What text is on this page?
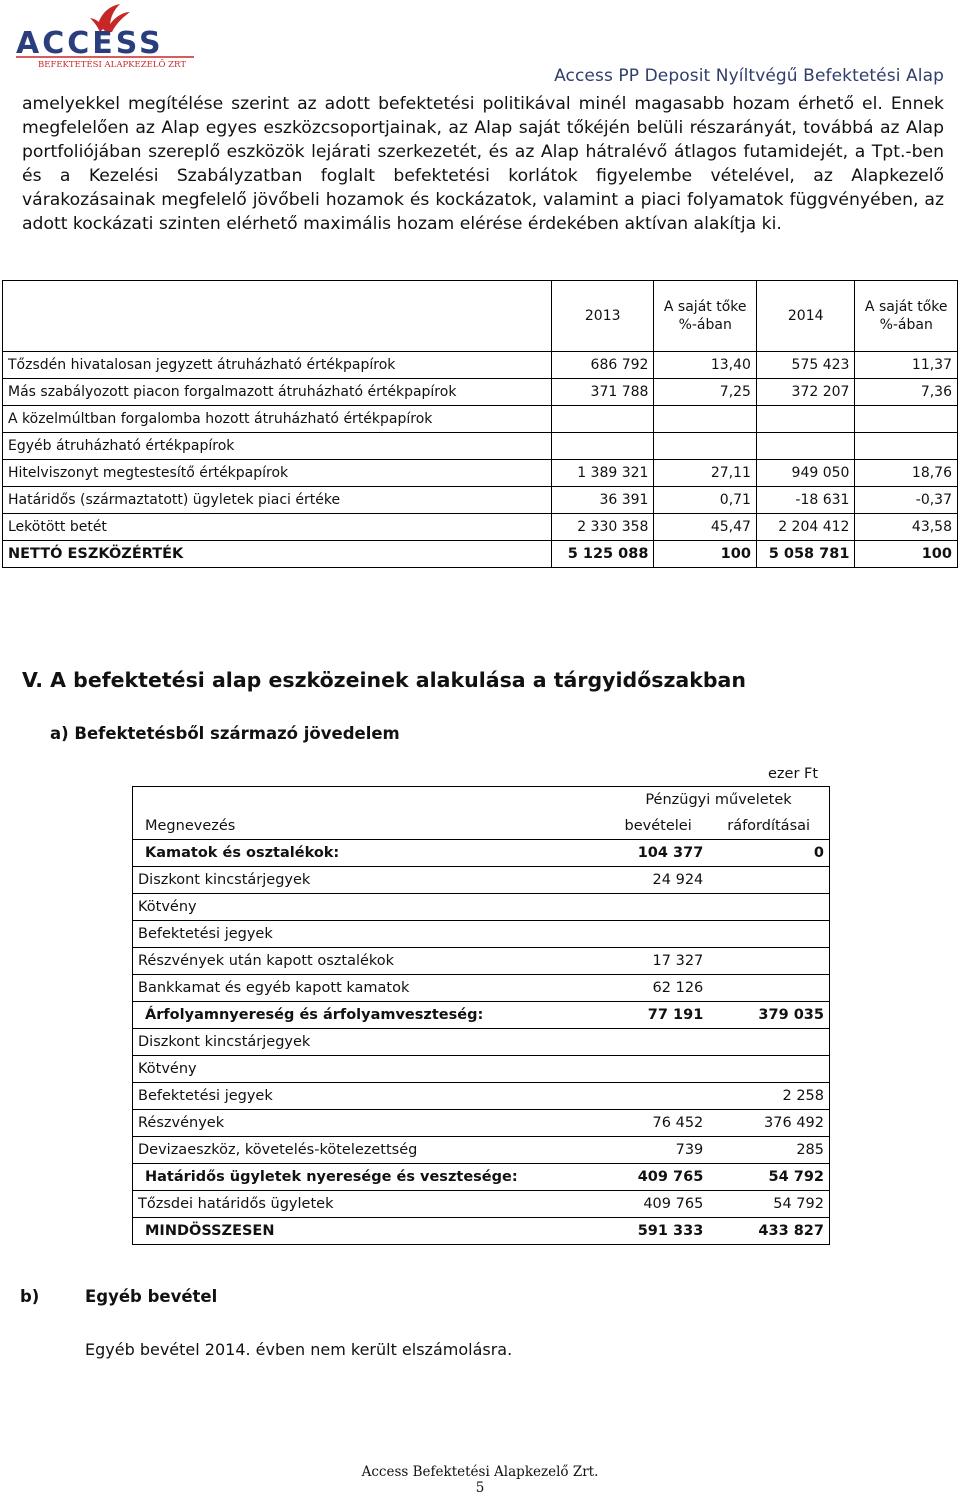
ACCESS
BEFEKTETÉSI ALAPKEZELŐ ZRT
Access PP Deposit Nyíltvégű Befektetési Alap

amelyekkel megítélése szerint az adott befektetési politikával minél magasabb hozam érhető el. Ennek megfelelően az Alap egyes eszközcsoportjainak, az Alap saját tőkéjén belüli részarányát, továbbá az Alap portfoliójában szereplő eszközök lejárati szerkezetét, és az Alap hátralévő átlagos futamidejét, a Tpt.-ben és a Kezelési Szabályzatban foglalt befektetési korlátok figyelembe vételével, az Alapkezelő várakozásainak megfelelő jövőbeli hozamok és kockázatok, valamint a piaci folyamatok függvényében, az adott kockázati szinten elérhető maximális hozam elérése érdekében aktívan alakítja ki.

	2013	A saját tőke %-ában	2014	A saját tőke %-ában
Tőzsdén hivatalosan jegyzett átruházható értékpapírok	686 792	13,40	575 423	11,37
Más szabályozott piacon forgalmazott átruházható értékpapírok	371 788	7,25	372 207	7,36
A közelmúltban forgalomba hozott átruházható értékpapírok				
Egyéb átruházható értékpapírok				
Hitelviszonyt megtestesítő értékpapírok	1 389 321	27,11	949 050	18,76
Határidős (származtatott) ügyletek piaci értéke	36 391	0,71	-18 631	-0,37
Lekötött betét	2 330 358	45,47	2 204 412	43,58
NETTÓ ESZKÖZÉRTÉK	5 125 088	100	5 058 781	100
V. A befektetési alap eszközeinek alakulása a tárgyidőszakban
a) Befektetésből származó jövedelem
ezer Ft
	Pénzügyi műveletek	
Megnevezés	bevételei	ráfordításai
Kamatok és osztalékok:	104 377	0
Diszkont kincstárjegyek	24 924	
Kötvény		
Befektetési jegyek		
Részvények után kapott osztalékok	17 327	
Bankkamat és egyéb kapott kamatok	62 126	
Árfolyamnyereség és árfolyamveszteség:	77 191	379 035
Diszkont kincstárjegyek		
Kötvény		
Befektetési jegyek		2 258
Részvények	76 452	376 492
Devizaeszköz, követelés-kötelezettség	739	285
Határidős ügyletek nyeresége és vesztesége:	409 765	54 792
Tőzsdei határidős ügyletek	409 765	54 792
MINDÖSSZESEN	591 333	433 827
b)	Egyéb bevétel
Egyéb bevétel 2014. évben nem került elszámolásra.
Access Befektetési Alapkezelő Zrt.
5
